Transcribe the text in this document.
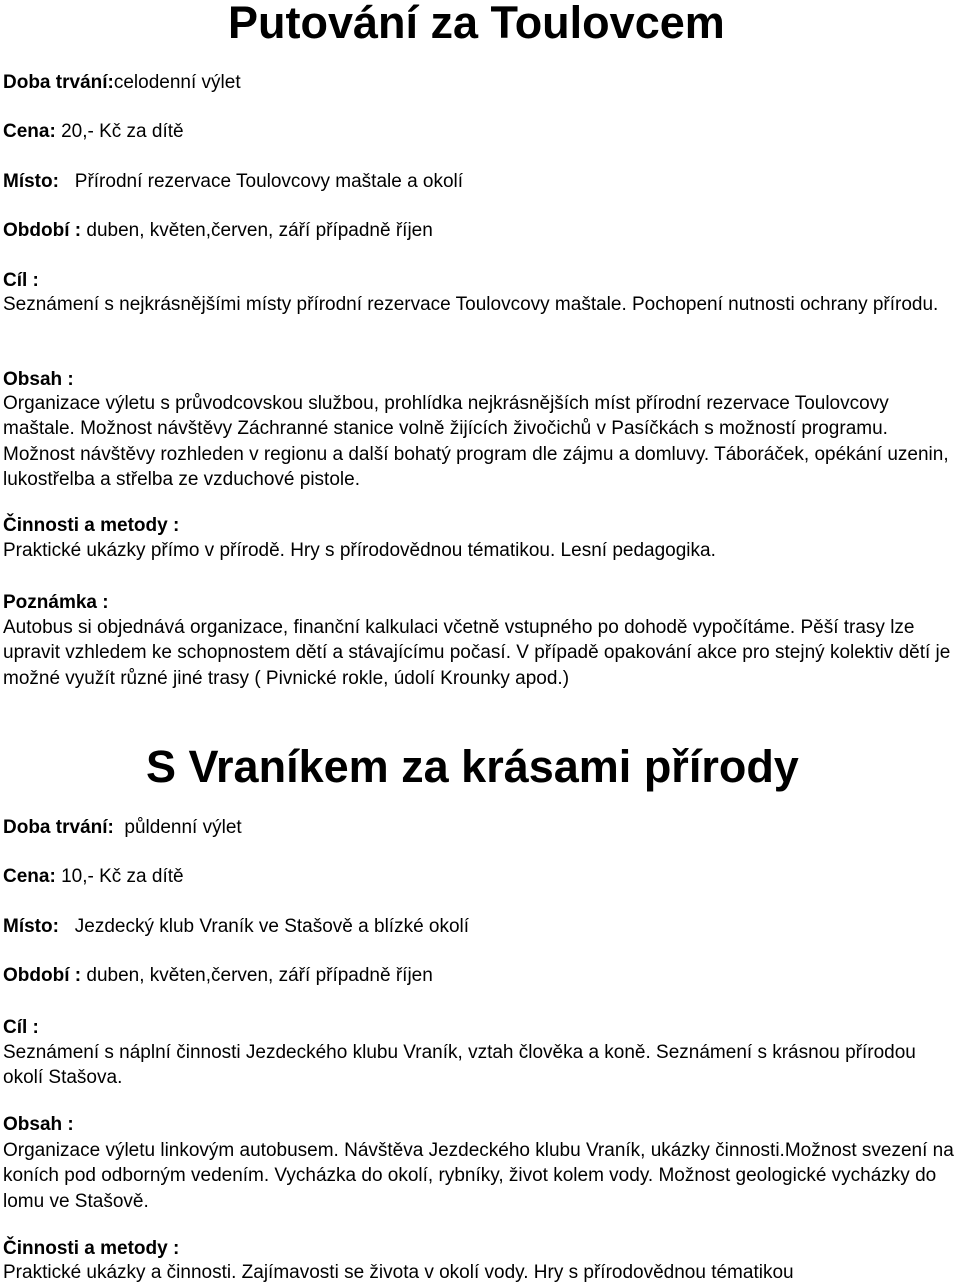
Putování za Toulovcem
Doba trvání:celodenní výlet
Cena: 20,- Kč za dítě
Místo: Přírodní rezervace Toulovcovy maštale a okolí
Období : duben, květen,červen, září případně říjen
Cíl :
Seznámení s nejkrásnějšími místy přírodní rezervace Toulovcovy maštale. Pochopení nutnosti ochrany přírodu.
Obsah :
Organizace výletu s průvodcovskou službou, prohlídka nejkrásnějších míst přírodní rezervace Toulovcovy maštale. Možnost návštěvy Záchranné stanice volně žijících živočichů v Pasíčkách s možností programu. Možnost návštěvy rozhleden v regionu a další bohatý program dle zájmu a domluvy. Táboráček, opékání uzenin, lukostřelba a střelba ze vzduchové pistole.
Činnosti a metody :
Praktické ukázky přímo v přírodě. Hry s přírodovědnou tématikou. Lesní pedagogika.
Poznámka :
Autobus si objednává organizace, finanční kalkulaci včetně vstupného po dohodě vypočítáme. Pěší trasy lze upravit vzhledem ke schopnostem dětí a stávajícímu počasí. V případě opakování akce pro stejný kolektiv dětí je možné využít různé jiné trasy ( Pivnické rokle, údolí Krounky apod.)
S Vraníkem za krásami přírody
Doba trvání: půldenní výlet
Cena: 10,- Kč za dítě
Místo: Jezdecký klub Vraník ve Stašově a blízké okolí
Období : duben, květen,červen, září případně říjen
Cíl :
Seznámení s náplní činnosti Jezdeckého klubu Vraník, vztah člověka a koně. Seznámení s krásnou přírodou okolí Stašova.
Obsah :
Organizace výletu linkovým autobusem. Návštěva Jezdeckého klubu Vraník, ukázky činnosti.Možnost svezení na koních pod odborným vedením. Vycházka do okolí, rybníky, život kolem vody. Možnost geologické vycházky do lomu ve Stašově.
Činnosti a metody :
Praktické ukázky a činnosti. Zajímavosti se života v okolí vody. Hry s přírodovědnou tématikou
